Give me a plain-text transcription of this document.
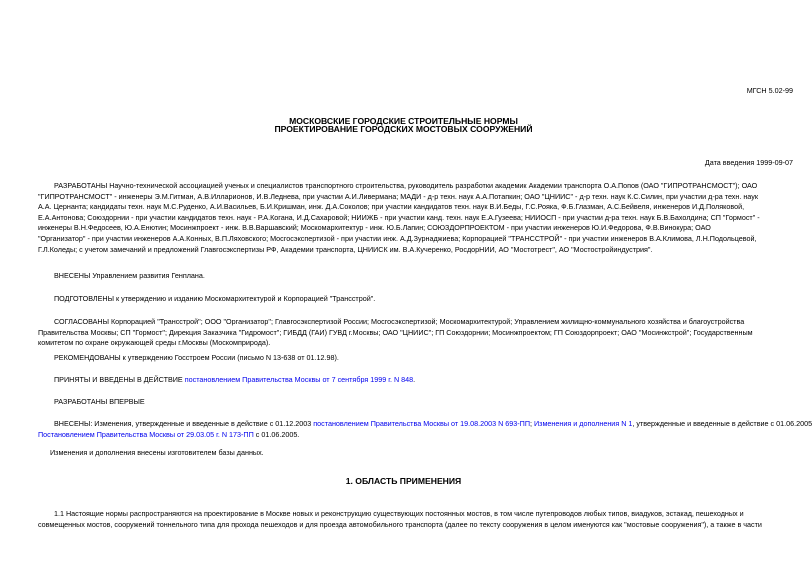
МГСН 5.02-99
МОСКОВСКИЕ ГОРОДСКИЕ СТРОИТЕЛЬНЫЕ НОРМЫ
ПРОЕКТИРОВАНИЕ ГОРОДСКИХ МОСТОВЫХ СООРУЖЕНИЙ
Дата введения 1999-09-07
РАЗРАБОТАНЫ Научно-технической ассоциацией ученых и специалистов транспортного строительства, руководитель разработки академик Академии транспорта О.А.Попов (ОАО "ГИПРОТРАНСМОСТ"); ОАО
"ГИПРОТРАНСМОСТ" - инженеры Э.М.Гитман, А.В.Илларионов, И.В.Леднева, при участии А.И.Ливермана; МАДИ - д-р техн. наук А.А.Потапкин; ОАО "ЦНИИС" - д-р техн. наук К.С.Силин, при участии д-ра техн. наук
А.А. Цернанта; кандидаты техн. наук М.С.Руденко, А.И.Васильев, Б.И.Кришман, инж. Д.А.Соколов; при участии кандидатов техн. наук В.И.Беды, Г.С.Рояка, Ф.Б.Глазман, А.С.Бейвеля, инженеров И.Д.Поляковой,
Е.А.Антонова; Союздорнии - при участии кандидатов техн. наук - Р.А.Когана, И.Д.Сахаровой; НИИЖБ - при участии канд. техн. наук Е.А.Гузеева; НИИОСП - при участии д-ра техн. наук Б.В.Бахолдина; СП "Гормост" -
инженеры В.Н.Федосеев, Ю.А.Енютин; Мосинжпроект - инж. В.В.Варшавский; Москомархитектур - инж. Ю.Б.Лапин; СОЮЗДОРПРОЕКТОМ - при участии инженеров Ю.И.Федорова, Ф.В.Винокура; ОАО
"Организатор" - при участии инженеров А.А.Конных, В.П.Ляховского; Мосгосэкспертизой - при участии инж. А.Д.Зурнаджиева; Корпорацией "ТРАНССТРОЙ" - при участии инженеров В.А.Климова, Л.Н.Подольцевой,
Г.Л.Коледы; с учетом замечаний и предложений Главгосэкспертизы РФ, Академии транспорта, ЦНИИСК им. В.А.Кучеренко, РосдорНИИ, АО "Мостотрест", АО "Мостостройиндустрия".
ВНЕСЕНЫ Управлением развития Генплана.
ПОДГОТОВЛЕНЫ к утверждению и изданию Москомархитектурой и Корпорацией "Трансстрой".
СОГЛАСОВАНЫ Корпорацией "Трансстрой"; ООО "Организатор"; Главгосэкспертизой России; Мосгосэкспертизой; Москомархитектурой; Управлением жилищно-коммунального хозяйства и благоустройства
Правительства Москвы; СП "Гормост"; Дирекция Заказчика "Гидромост"; ГИБДД (ГАИ) ГУВД г.Москвы; ОАО "ЦНИИС"; ГП Союздорнии; Мосинжпроектом; ГП Союздорпроект; ОАО "Мосинжстрой"; Государственным
комитетом по охране окружающей среды г.Москвы (Москомприрода).
РЕКОМЕНДОВАНЫ к утверждению Госстроем России (письмо N 13-638 от 01.12.98).
ПРИНЯТЫ И ВВЕДЕНЫ В ДЕЙСТВИЕ постановлением Правительства Москвы от 7 сентября 1999 г. N 848.
РАЗРАБОТАНЫ ВПЕРВЫЕ
ВНЕСЕНЫ: Изменения, утвержденные и введенные в действие с 01.12.2003 постановлением Правительства Москвы от 19.08.2003 N 693-ПП; Изменения и дополнения N 1, утвержденные и введенные в действие с 01.06.2005
Постановлением Правительства Москвы от 29.03.05 г. N 173-ПП с 01.06.2005.
Изменения и дополнения внесены изготовителем базы данных.
1. ОБЛАСТЬ ПРИМЕНЕНИЯ
1.1 Настоящие нормы распространяются на проектирование в Москве новых и реконструкцию существующих постоянных мостов, в том числе путепроводов любых типов, виадуков, эстакад, пешеходных и
совмещенных мостов, сооружений тоннельного типа для прохода пешеходов и для проезда автомобильного транспорта (далее по тексту сооружения в целом именуются как "мостовые сооружения"), а также в части
